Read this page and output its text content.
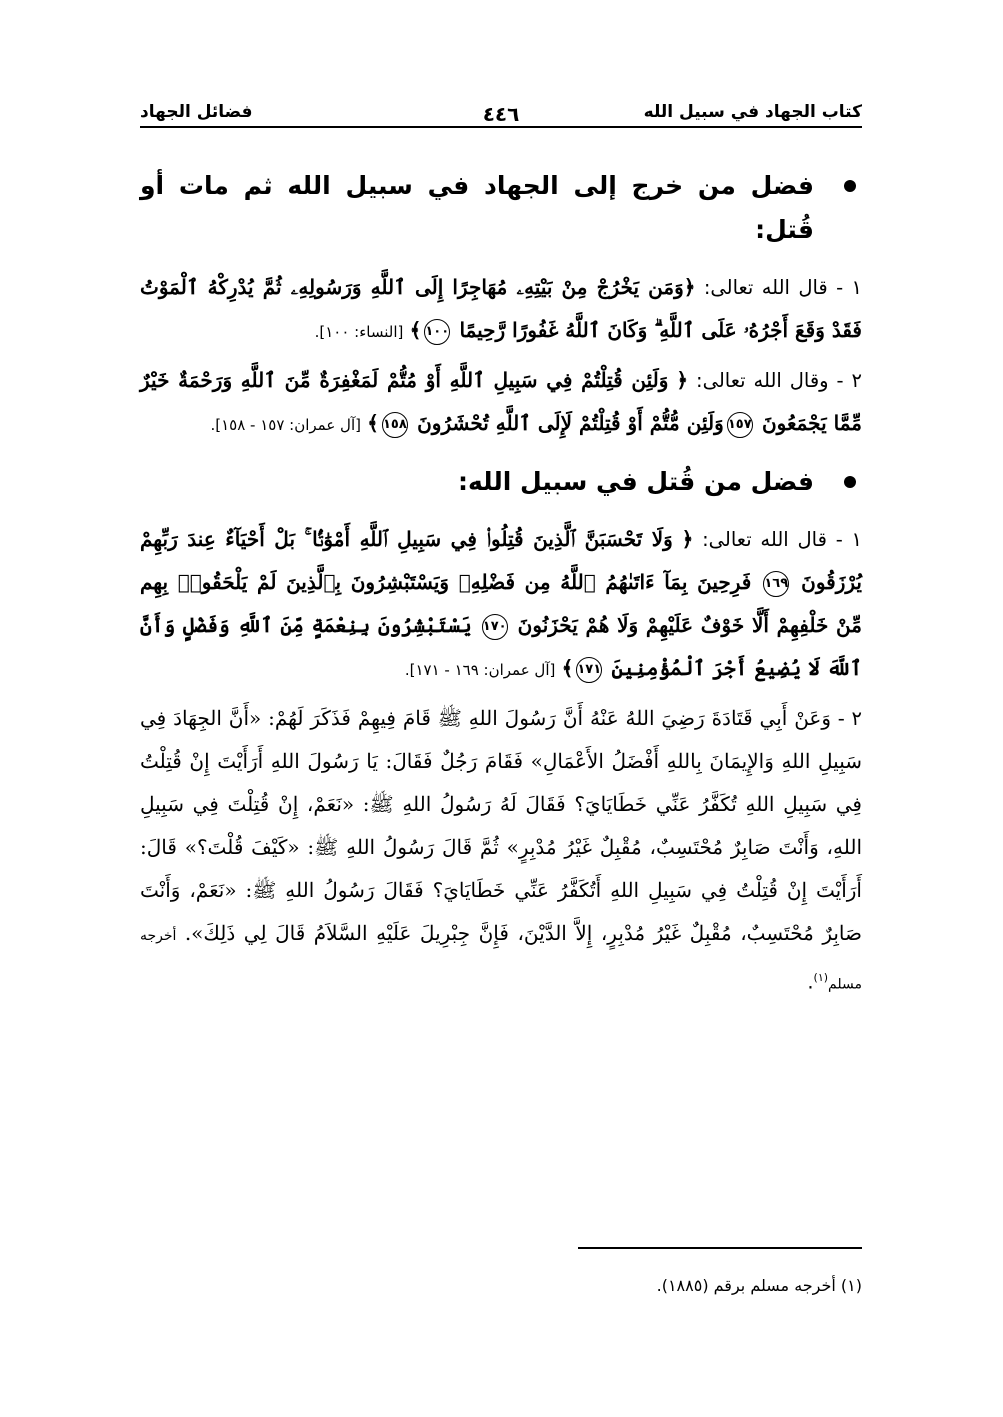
كتاب الجهاد في سبيل الله
٤٤٦
فضائل الجهاد
فضل من خرج إلى الجهاد في سبيل الله ثم مات أو قُتل:

١ - قال الله تعالى: ﴿وَمَن يَخْرُجْ مِنْ بَيْتِهِۦ مُهَاجِرًا إِلَى ٱللَّهِ وَرَسُولِهِۦ ثُمَّ يُدْرِكْهُ ٱلْمَوْتُ فَقَدْ وَقَعَ أَجْرُهُۥ عَلَى ٱللَّهِ ۗ وَكَانَ ٱللَّهُ غَفُورًا رَّحِيمًا ١٠٠﴾ [النساء: ١٠٠].

٢ - وقال الله تعالى: ﴿ وَلَئِن قُتِلْتُمْ فِي سَبِيلِ ٱللَّهِ أَوْ مُتُّمْ لَمَغْفِرَةٌ مِّنَ ٱللَّهِ وَرَحْمَةٌ خَيْرٌ مِّمَّا يَجْمَعُونَ ١٥٧وَلَئِن مُّتُّمْ أَوْ قُتِلْتُمْ لَإِلَى ٱللَّهِ تُحْشَرُونَ ١٥٨﴾ [آل عمران: ١٥٧ - ١٥٨].

فضل من قُتل في سبيل الله:

١ - قال الله تعالى: ﴿ وَلَا تَحْسَبَنَّ ٱلَّذِينَ قُتِلُوا۟ فِي سَبِيلِ ٱللَّهِ أَمْوَٰتًۢا ۚ بَلْ أَحْيَآءٌ عِندَ رَبِّهِمْ يُرْزَقُونَ ١٦٩ فَرِحِينَ بِمَآ ءَاتَىٰهُمُ ٱللَّهُ مِن فَضْلِهِۦ وَيَسْتَبْشِرُونَ بِٱلَّذِينَ لَمْ يَلْحَقُوا۟ بِهِم مِّنْ خَلْفِهِمْ أَلَّا خَوْفٌ عَلَيْهِمْ وَلَا هُمْ يَحْزَنُونَ ١٧٠ يَسْتَبْشِرُونَ بِنِعْمَةٍ مِّنَ ٱللَّهِ وَفَضْلٍ وَأَنَّ ٱللَّهَ لَا يُضِيعُ أَجْرَ ٱلْمُؤْمِنِينَ ١٧١﴾ [آل عمران: ١٦٩ - ١٧١].

٢ - وَعَنْ أَبِي قَتَادَةَ رَضِيَ اللهُ عَنْهُ أَنَّ رَسُولَ اللهِ ﷺ قَامَ فِيهِمْ فَذَكَرَ لَهُمْ: «أَنَّ الجِهَادَ فِي سَبِيلِ اللهِ وَالإِيمَانَ بِاللهِ أَفْضَلُ الأَعْمَالِ» فَقَامَ رَجُلٌ فَقَالَ: يَا رَسُولَ اللهِ أَرَأَيْتَ إِنْ قُتِلْتُ فِي سَبِيلِ اللهِ تُكَفَّرُ عَنِّي خَطَايَايَ؟ فَقَالَ لَهُ رَسُولُ اللهِ ﷺ: «نَعَمْ، إِنْ قُتِلْتَ فِي سَبِيلِ اللهِ، وَأَنْتَ صَابِرٌ مُحْتَسِبٌ، مُقْبِلٌ غَيْرُ مُدْبِرٍ» ثُمَّ قَالَ رَسُولُ اللهِ ﷺ: «كَيْفَ قُلْتَ؟» قَالَ: أَرَأَيْتَ إِنْ قُتِلْتُ فِي سَبِيلِ اللهِ أَتُكَفَّرُ عَنِّي خَطَايَايَ؟ فَقَالَ رَسُولُ اللهِ ﷺ: «نَعَمْ، وَأَنْتَ صَابِرٌ مُحْتَسِبٌ، مُقْبِلٌ غَيْرُ مُدْبِرٍ، إِلاَّ الدَّيْنَ، فَإِنَّ جِبْرِيلَ عَلَيْهِ السَّلاَمُ قَالَ لِي ذَلِكَ». أخرجه مسلم$^{(١)}$.

(١) أخرجه مسلم برقم (١٨٨٥).
